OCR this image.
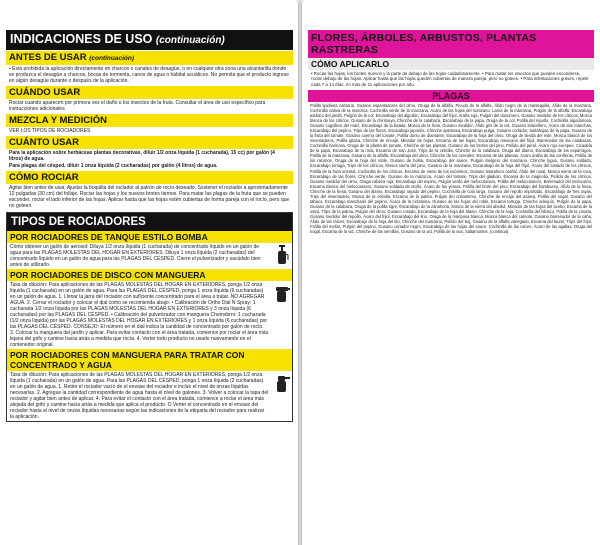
INDICACIONES DE USO (continuación)
ANTES DE USAR (continuación)
• Está prohibida la aplicación directamente en charcos o canales de desagüe, o en cualquier otra zona una alcantarilla donde se produzca el desagüe a charcos, bocas de tormenta, canos de agua o hábitat acuáticos. No permita que el producto ingrese en algún desagüe durante o después de la aplicación.
CUÁNDO USAR
Rociar cuando aparecen por primera vez el daño o los insectos de la fruta. Consultar el área de uso específico para instrucciones adicionales.
MEZCLA Y MEDICIÓN
VER LOS TIPOS DE ROCIADORES
CUÁNTO USAR
Para la aplicación sobre herbáceas plantas decorativas, diluir 1/2 onza líquida (1 cucharada), 15 cc) por galón (4 litros) de agua.
Para plagas del césped, diluir 1 onza líquida (2 cucharadas) por galón (4 litros) de agua.
CÓMO ROCIAR
Agitar bien antes de usar. Ajustar la boquilla del rociador al patrón de rocío deseado. Sostener el rociador a aproximadamente 12 pulgadas (30 cm) del follaje. Rociar las hojas y los nuevos brotes tiernos. Para matar las plagas de la fruta que se pueden esconder, rociar el lado inferior de las hojas. Aplicar hasta que las hojas estén cubiertas de forma pareja con el rocío, pero que no goteen.
TIPOS DE ROCIADORES
POR ROCIADORES DE TANQUE ESTILO BOMBA
Cómo obtener un galón de aerosol: Diluya 1/2 onza líquida (1 cucharada) de concentrado líquido en un galón de agua para las PLAGAS MOLESTAS DEL HOGAR EN EXTERIORES. Diluya 1 onza líquida (2 cucharadas) del concentrado líquido en un galón de agua para las PLAGAS DEL CÉSPED. Cierre el pulverizador y sacúdalo bien antes de utilizarlo.
POR ROCIADORES DE DISCO CON MANGUERA
Tasa de dilución: Para aplicaciones de las PLAGAS MOLESTAS DEL HOGAR EN EXTERIORES, ponga 1/2 onza líquida (1 cucharada) en un galón de agua. Para las PLAGAS DEL CÉSPED, ponga 1 onza líquida (6 cucharadas) en un galón de agua. 1. Llenar la jarra del rociador con suficiente concentrado para el área a tratar. NO AGREGAR AGUA. 2. Cerrar el rociador y colocar el dial como se recomienda abajo: • Calibración de Ortho Dial N Spray: 1 cucharada 1/2 onza líquida por las PLAGAS MOLESTAS DEL HOGAR EN EXTERIORES y 3 onza líquida (6 cucharadas) por las PLAGAS DEL CÉSPED. • Calibración del pulverizador con manguera Chemsbrnr: 1 cucharada (1/2 onza líquida) por las PLAGAS MOLESTAS DEL HOGAR EN EXTERIORES y 1 onza líquida (6 cucharadas) por las PLAGAS DEL CÉSPED. CONSEJO: El número en el dial indica la cantidad de concentrado por galón de rocío. 3. Colocar la manguera del jardín y aplicar. Para evitar contacto con el área tratada, comience por rociar el área más lejana del grifo y camine hacia atrás a medida que rocía. 4. Verter todo producto no usado nuevamente en el contenedor original.
POR ROCIADORES CON MANGUERA PARA TRATAR CON CONCENTRADO Y AGUA
Tasa de dilución: Para aplicaciones de las PLAGAS MOLESTAS DEL HOGAR EN EXTERIORES, ponga 1/2 onza líquida (1 cucharada) en un galón de agua. Para las PLAGAS DEL CÉSPED, ponga 1 onza líquida (2 cucharadas) en un galón de agua. 1. Retire el rociador vacío de el envase del rociador e incluir el nivel de onzas líquidas necesarias. 2. Agregue la cantidad correspondiente de agua hasta el nivel de galones. 3. Volver a colocar la tapa del rociador y agitar bien antes de aplicar. 4. Para evitar el contacto con el área tratada, comience a rociar el área más alejada del grifo y camine hacia atrás a medida que aplica el producto. O Verter el concentrado en el envase del rociador hasta el nivel de onzas líquidas necesarias según las indicaciones de la etiqueta del rociador para realizar la aplicación.
FLORES, ÁRBOLES, ARBUSTOS, PLANTAS RASTRERAS
CÓMO APLICARLO
• Rociar las hojas, los brotes nuevos y la parte de debajo de las hojas cuidadosamente. • Para matar los insectos que pueden esconderse, rociar debajo de las hojas. Aplicar hasta que las hojas queden cubiertas de manera pareja, pero no goteen. • Para infestaciones graves, repetir cada 7 a 14 días, no más de 11 aplicaciones por año.
PLAGAS
Polilla lipidiena cabraria, Gusano espantadores del olmo, Oruga de la alfalfa, Picudo de la alfalfa, Áfido negro de la mantequilla, Áfido de la manzana, Cochinilla nativa de la mazorca, Cochinilla verde de la manzana, Ácaro de las hojas del manzano, Larva de la manzana, Pulgón de la alfalfa, Escarabajo asiático del jardín, Pulgón de la col, Escarabajo del algodón, Escarabajo del frijol, Araña roja, Pulgón del duraznero, Gusano medidor de los cítricos, Mosca blanca de los cítricos, Gusano de la chirimoya, Chinche de la calabaza, Escarabajo de la papa, Oruga de la col, Polilla del repollo, Cochinilla algodonosa, Gusano cogollero del maíz, Escarabajo de la batata, Mosca de la fruta, Gusano medidor, Áfido gris de la col, Gusano telarañero, Ácaro de dos manchas, Escarabajo del pepino, Trips de las flores, Escarabajo japonés, Chinche apestosa, Escarabajo pulga, Gusano cortador, Saltahojas de la papa, Gusano de la fruta del tomate, Gusano cuerno del tomate, Polilla dorso de diamante, Escarabajo de la hoja del olmo, Oruga de tienda del este, Mosca blanca de los invernaderos, Polilla gitana, Chinche de encaje, Minador de hojas, Escama de las hojas, Escarabajo mexicano del frijol, Barrenador de las calabazas, Cochinilla harinosa, Oruga de la planta de tomate, Chinche de las plantas, Gusano de los brotes del pino, Psílido del peral, Ácaro rojo europeo, Cicadela de la papa, Escarabajo de la rosa, Escama de San José, Trips de la cebolla, Chinche de la calabaza, Oruga del álamo, Escarabajo de los espárragos, Polilla de la manzana, Gusano de la alfalfa, Escarabajo del olmo, Chinche de los cereales, Escama de las plantas, Ácaro araña de las coníferas, Polilla de los racimos, Oruga de la hoja del roble, Gusano de bolsa, Escarabajo del sauce, Pulgón lanígero del manzano, Chinche lygus, Gusano soldado, Escarabajo tortuga, Trips de los cítricos, Mosca sierra del pino, Gusano de la manzana, Escarabajo de la hoja del frijol, Ácaro del tostado de los cítricos, Polilla de la fruta oriental, Cochinilla de los cítricos, Escama de nieve de los evónimos, Gusano telarañero otoñal, Áfido del rosal, Mosca sierra de la rosa, Escarabajo de las flores, Chinche verde, Gusano de la mazorca, Ácaro del tomate, Trips del gladiolo, Escama de la magnolia, Psílido de los cítricos, Gusano medidor del olmo, Oruga cabeza roja, Escarabajo del espino, Pulgón verde del melocotonero, Polilla del melocotonero, Barrenador del melocotón, Escama blanca del melocotonero, Gusano soldado de otoño, Ácaro de las yemas, Polilla del brote del pino, Escarabajo del frambueso, Áfido de la fresa, Chinche de la fresa, Gusano del álamo, Escarabajo rayado del pepino, Cochinilla de cola larga, Gusano del repollo importado, Escarabajo de tres rayas, Trips del invernadero, Mosca de la cebolla, Escama de la palma, Pulgón del crisantemo, Chinche de encaje del azalea, Polilla del nogal, Gusano del tabaco, Escarabajo manchado del pepino, Ácaro de la ciclamina, Gusano de las hojas del roble, Escama tortuga, Chinche arlequín, Pulgón de la papa, Gusano de la calabaza, Oruga de la polilla tigre, Escarabajo de la zanahoria, Mosca de la sierra del abedul, Minador de las hojas del acebo, Escama de la ostra, Trips de la palma, Pulgón del olmo, Gusano rosado, Escarabajo de la hoja del álamo, Chinche de la soja, Cochinilla del hibisco, Polilla de la ciruela, Gusano medidor del repollo, Ácaro del frijol, Escarabajo del lirio, Oruga de la mariposa blanca, Mosca blanca del camote, Gusano barrenador de la caña, Áfido de las raíces, Escarabajo de la hoja del tilo, Chinche del manzano, Psílido del boj, Gusano de la alfalfa variegado, Escama del laurel, Trips del frijol, Polilla del melón, Pulgón del pepino, Gusano cortador negro, Escarabajo de las hojas del sauce, Cochinilla de las raíces, Ácaro de las agallas, Oruga del nogal, Escama de la vid, Chinche de las semillas, Gusano de la vid, Polilla de la uva, Saltamontes. (continúa)
